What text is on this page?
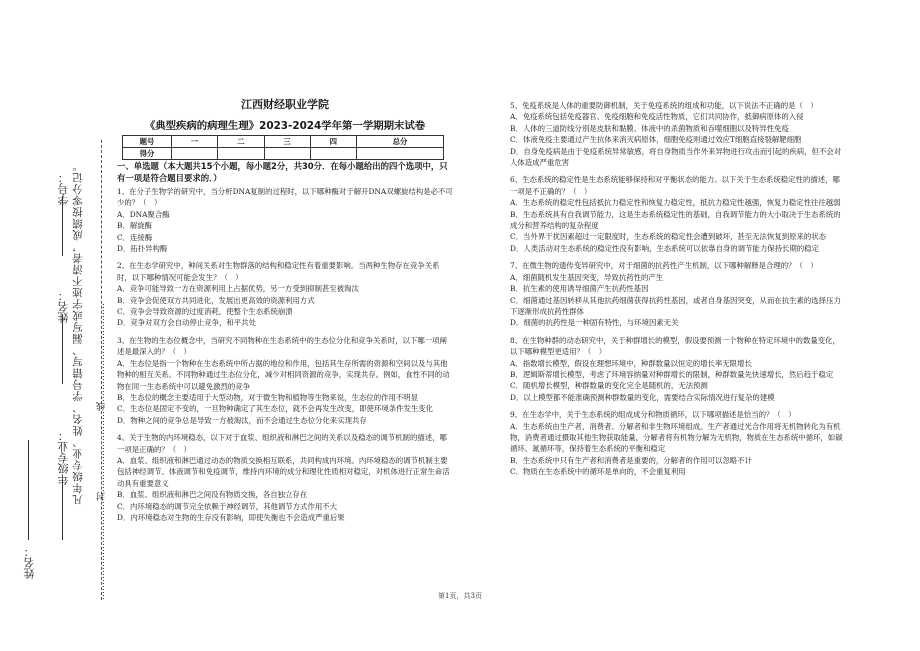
……………………………封………………………线……………………………
凡年级专业、姓名、学号错写、漏写或字迹不清者，成绩按零分记。
学号：
姓名：
年级专业：
姓名：
江西财经职业学院
《典型疾病的病理生理》2023-2024学年第一学期期末试卷
题号	一	二	三	四	总分
得分					
一、单选题（本大题共15个小题，每小题2分，共30分．在每小题给出的四个选项中，只有一项是符合题目要求的．）

1、在分子生物学的研究中，当分析DNA复制的过程时，以下哪种酶对于解开DNA双螺旋结构是必不可少的？（　）

A．DNA聚合酶

B．解旋酶

C．连接酶

D．拓扑异构酶

2、在生态学研究中，种间关系对生物群落的结构和稳定性有着重要影响。当两种生物存在竞争关系时，以下哪种情况可能会发生？（　）

A．竞争可能导致一方在资源利用上占据优势，另一方受到抑制甚至被淘汰

B．竞争会促使双方共同进化，发展出更高效的资源利用方式

C．竞争会导致资源的过度消耗，使整个生态系统崩溃

D．竞争对双方会自动停止竞争，和平共处

3、在生物的生态位概念中，当研究不同物种在生态系统中的生态位分化和竞争关系时，以下哪一项阐述是最深入的？（　）

A．生态位是指一个物种在生态系统中所占据的地位和作用，包括其生存所需的资源和空间以及与其他物种的相互关系。不同物种通过生态位分化，减少对相同资源的竞争，实现共存。例如，食性不同的动物在同一生态系统中可以避免激烈的竞争

B．生态位的概念主要适用于大型动物，对于微生物和植物等生物来说，生态位的作用不明显

C．生态位是固定不变的，一旦物种确定了其生态位，就不会再发生改变，即使环境条件发生变化

D．物种之间的竞争总是导致一方被淘汰，而不会通过生态位分化来实现共存

4、关于生物的内环境稳态，以下对于血浆、组织液和淋巴之间的关系以及稳态的调节机制的描述，哪一项是正确的？（　）

A．血浆、组织液和淋巴通过动态的物质交换相互联系，共同构成内环境。内环境稳态的调节机制主要包括神经调节、体液调节和免疫调节，维持内环境的成分和理化性质相对稳定，对机体进行正常生命活动具有重要意义

B．血浆、组织液和淋巴之间没有物质交换，各自独立存在

C．内环境稳态的调节完全依赖于神经调节，其他调节方式作用不大

D．内环境稳态对生物的生存没有影响，即使失衡也不会造成严重后果

5、免疫系统是人体的重要防御机制，关于免疫系统的组成和功能，以下说法不正确的是（　）

A．免疫系统包括免疫器官、免疫细胞和免疫活性物质，它们共同协作，抵御病原体的入侵

B．人体的三道防线分别是皮肤和黏膜、体液中的杀菌物质和吞噬细胞以及特异性免疫

C．体液免疫主要通过产生抗体来消灭病原体，细胞免疫则通过效应T细胞直接裂解靶细胞

D．自身免疫病是由于免疫系统异常敏感，将自身物质当作外来异物进行攻击而引起的疾病，但不会对人体造成严重危害

6、生态系统的稳定性是生态系统能够保持和对平衡状态的能力。以下关于生态系统稳定性的描述，哪一项是不正确的？（　）

A．生态系统的稳定性包括抵抗力稳定性和恢复力稳定性，抵抗力稳定性越强，恢复力稳定性往往越弱

B．生态系统具有自我调节能力，这是生态系统稳定性的基础，自我调节能力的大小取决于生态系统的成分和营养结构的复杂程度

C．当外界干扰因素超过一定限度时，生态系统的稳定性会遭到破坏，甚至无法恢复到原来的状态

D．人类活动对生态系统的稳定性没有影响，生态系统可以依靠自身的调节能力保持长期的稳定

7、在微生物的遗传变异研究中，对于细菌的抗药性产生机制，以下哪种解释是合理的？（　）

A．细菌随机发生基因突变，导致抗药性的产生

B．抗生素的使用诱导细菌产生抗药性基因

C．细菌通过基因转移从其他抗药细菌获得抗药性基因，或者自身基因突变，从而在抗生素的选择压力下逐渐形成抗药性群体

D．细菌的抗药性是一种固有特性，与环境因素无关

8、在生物种群的动态研究中，关于种群增长的模型，假设要预测一个物种在特定环境中的数量变化，以下哪种模型更适用？（　）

A．指数增长模型，假设在理想环境中，种群数量以恒定的增长率无限增长

B．逻辑斯蒂增长模型，考虑了环境容纳量对种群增长的限制，种群数量先快速增长，然后趋于稳定

C．随机增长模型，种群数量的变化完全是随机的，无法预测

D．以上模型都不能准确预测种群数量的变化，需要结合实际情况进行复杂的建模

9、在生态学中，关于生态系统的组成成分和物质循环，以下哪项描述是恰当的？（　）

A．生态系统由生产者、消费者、分解者和非生物环境组成。生产者通过光合作用将无机物转化为有机物，消费者通过摄取其他生物获取能量，分解者将有机物分解为无机物，物质在生态系统中循环，如碳循环、氮循环等，保持着生态系统的平衡和稳定

B．生态系统中只有生产者和消费者是重要的，分解者的作用可以忽略不计

C．物质在生态系统中的循环是单向的，不会重复利用

第1页，共3页
